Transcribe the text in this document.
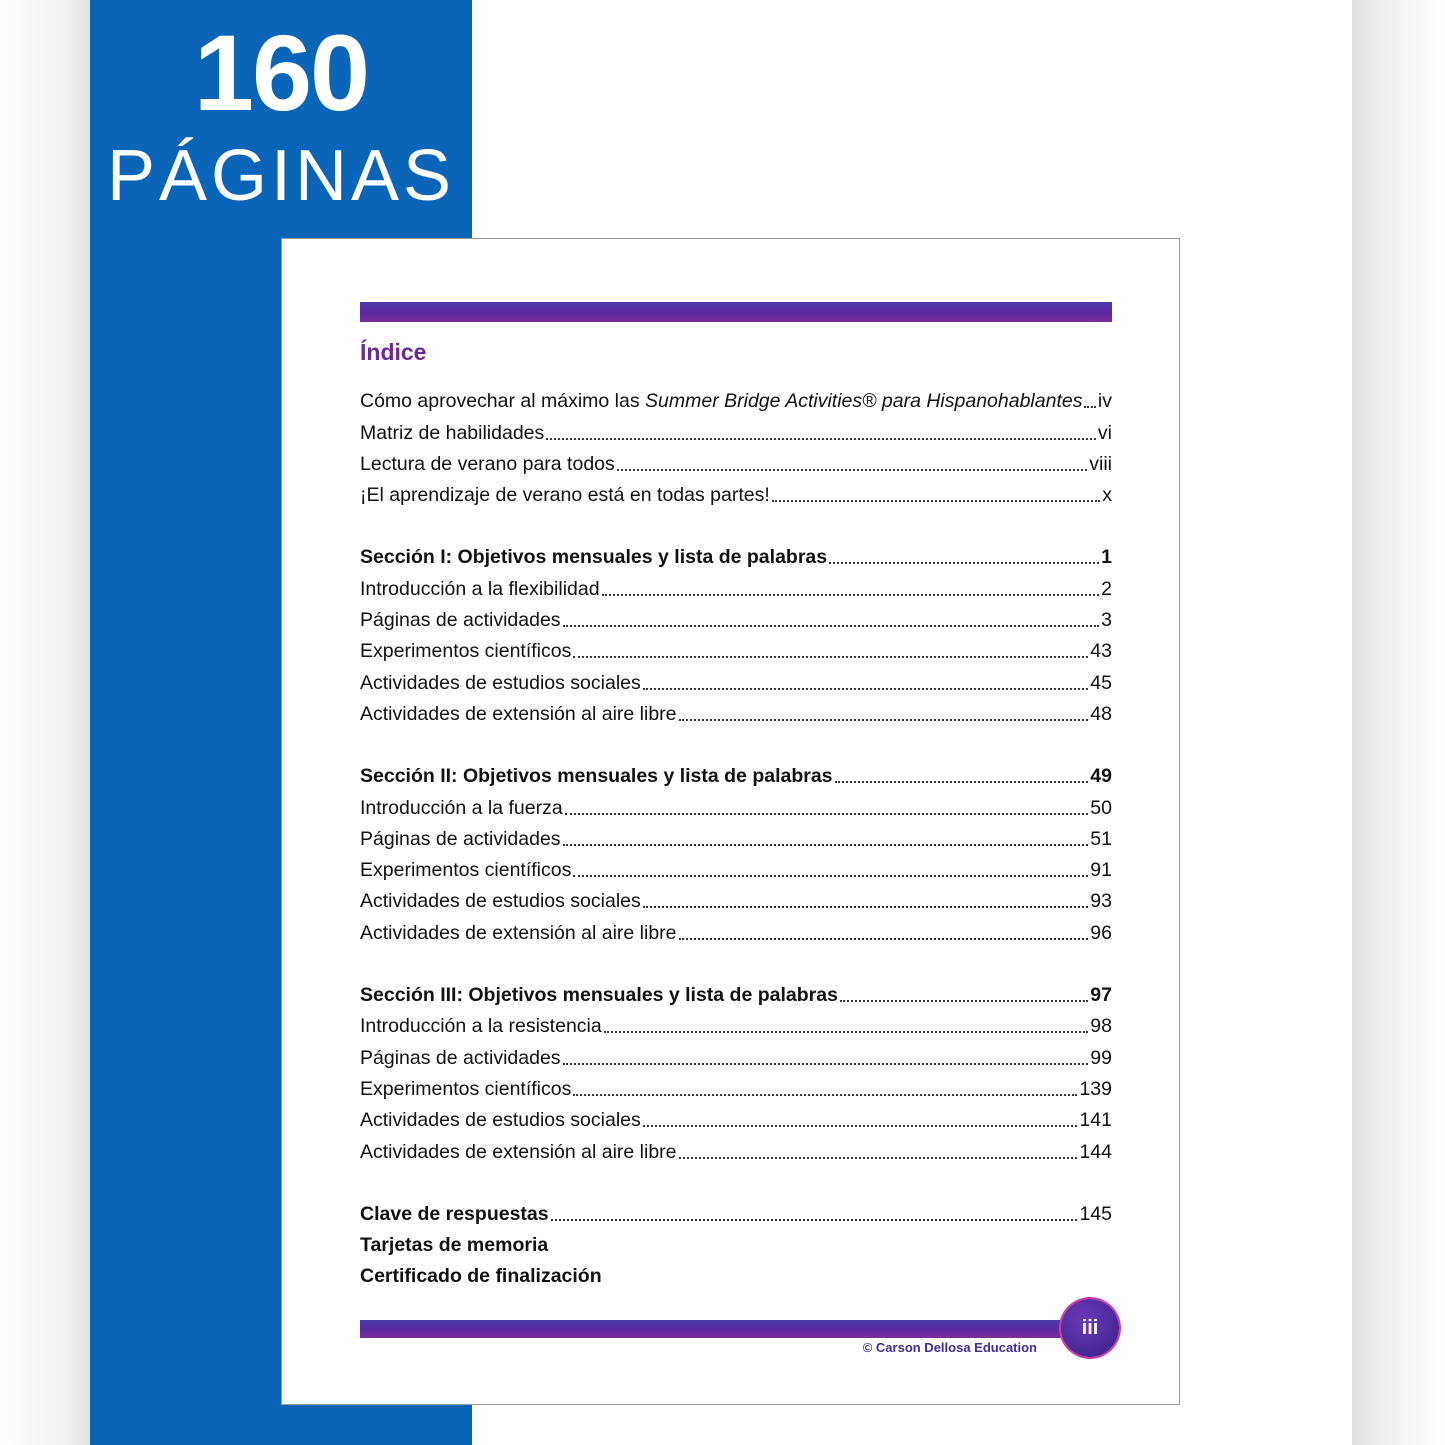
160
PÁGINAS
Índice
Cómo aprovechar al máximo las Summer Bridge Activities® para Hispanohablantes iv
Matriz de habilidades	vi
Lectura de verano para todos	viii
¡El aprendizaje de verano está en todas partes!	x
Sección I: Objetivos mensuales y lista de palabras	1
Introducción a la flexibilidad	2
Páginas de actividades	3
Experimentos científicos	43
Actividades de estudios sociales	45
Actividades de extensión al aire libre	48
Sección II: Objetivos mensuales y lista de palabras	49
Introducción a la fuerza	50
Páginas de actividades	51
Experimentos científicos	91
Actividades de estudios sociales	93
Actividades de extensión al aire libre	96
Sección III: Objetivos mensuales y lista de palabras	97
Introducción a la resistencia	98
Páginas de actividades	99
Experimentos científicos	139
Actividades de estudios sociales	141
Actividades de extensión al aire libre	144
Clave de respuestas	145
Tarjetas de memoria
Certificado de finalización
iii
© Carson Dellosa Education
